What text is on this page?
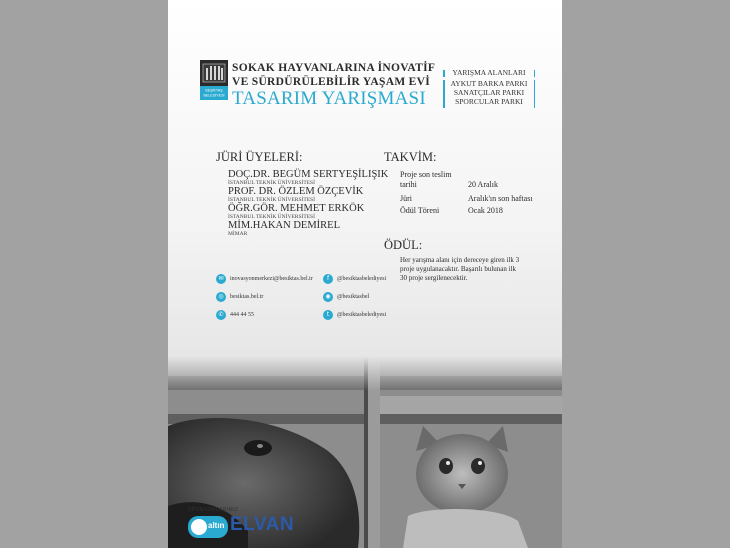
BEŞİKTAŞ
BELEDİYESİ
SOKAK HAYVANLARINA İNOVATİF
VE SÜRDÜRÜLEBİLİR YAŞAM EVİ
TASARIM YARIŞMASI
YARIŞMA ALANLARI
AYKUT BARKA PARKI
SANATÇILAR PARKI
SPORCULAR PARKI
JÜRİ ÜYELERİ:
DOÇ.DR. BEGÜM SERTYEŞİLIŞIK
İSTANBUL TEKNİK ÜNİVERSİTESİ
PROF. DR. ÖZLEM ÖZÇEVİK
İSTANBUL TEKNİK ÜNİVERSİTESİ
ÖĞR.GÖR. MEHMET ERKÖK
İSTANBUL TEKNİK ÜNİVERSİTESİ
MİM.HAKAN DEMİREL
MİMAR
TAKVİM:
Proje son teslim
tarihi	20 Aralık
Jüri	Aralık'ın son haftası
Ödül Töreni	Ocak 2018
ÖDÜL:
Her yarışma alanı için dereceye giren ilk 3 proje uygulanacaktır. Başarılı bulunan ilk 30 proje sergilenecektir.
✉	inovasyonmerkezi@besiktas.bel.tr
◎	besiktas.bel.tr
✆	444 44 55
f	@besiktasbelediyesi
◉	@besiktasbel
t	@besiktasbelediyesi
SPONSORLARIMIZ
altın ELVAN
